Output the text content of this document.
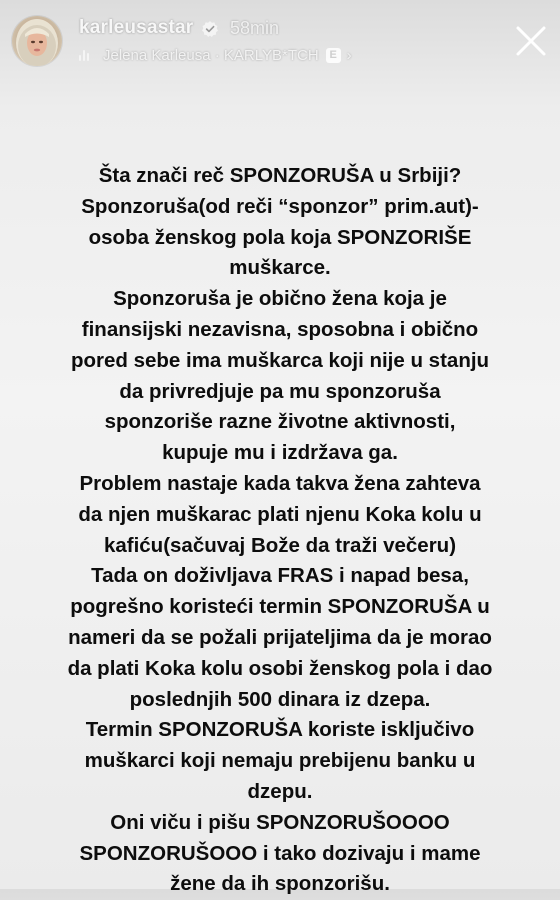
karleusastar 58min
Jelena Karleusa · KARLYB*TCH E ›

Šta znači reč SPONZORUŠA u Srbiji?
Sponzoruša(od reči “sponzor” prim.aut)-
osoba ženskog pola koja SPONZORIŠE
muškarce.
Sponzoruša je obično žena koja je
finansijski nezavisna, sposobna i obično
pored sebe ima muškarca koji nije u stanju
da privredjuje pa mu sponzoruša
sponzoriše razne životne aktivnosti,
kupuje mu i izdržava ga.
Problem nastaje kada takva žena zahteva
da njen muškarac plati njenu Koka kolu u
kafiću(sačuvaj Bože da traži večeru)
Tada on doživljava FRAS i napad besa,
pogrešno koristeći termin SPONZORUŠA u
nameri da se požali prijateljima da je morao
da plati Koka kolu osobi ženskog pola i dao
poslednjih 500 dinara iz dzepa.
Termin SPONZORUŠA koriste isključivo
muškarci koji nemaju prebijenu banku u
dzepu.
Oni viču i pišu SPONZORUŠOOOO
SPONZORUŠOOO i tako dozivaju i mame
žene da ih sponzorišu.
